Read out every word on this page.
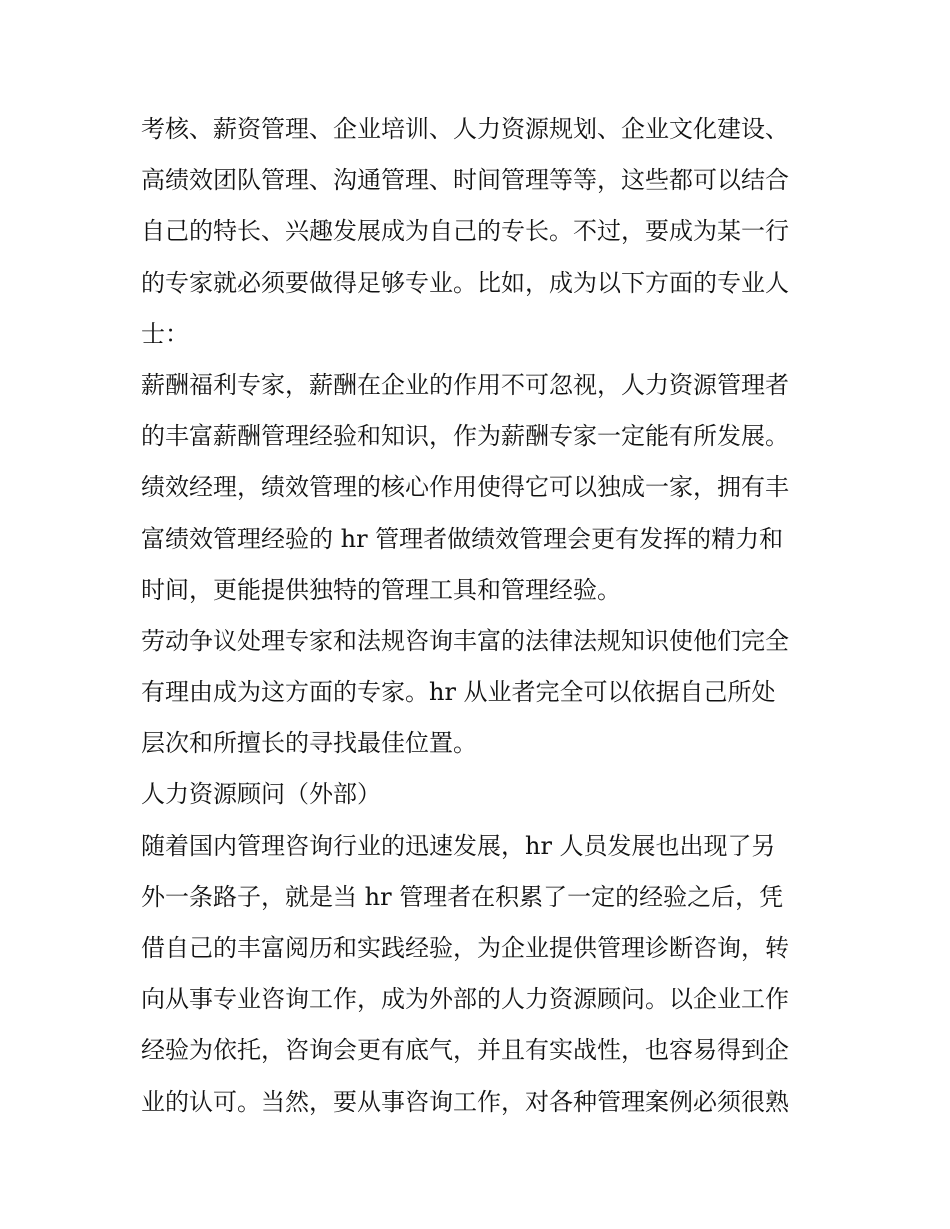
考核、薪资管理、企业培训、人力资源规划、企业文化建设、
高绩效团队管理、沟通管理、时间管理等等，这些都可以结合
自己的特长、兴趣发展成为自己的专长。不过，要成为某一行
的专家就必须要做得足够专业。比如，成为以下方面的专业人
士：
薪酬福利专家，薪酬在企业的作用不可忽视，人力资源管理者
的丰富薪酬管理经验和知识，作为薪酬专家一定能有所发展。
绩效经理，绩效管理的核心作用使得它可以独成一家，拥有丰
富绩效管理经验的 hr 管理者做绩效管理会更有发挥的精力和
时间，更能提供独特的管理工具和管理经验。
劳动争议处理专家和法规咨询丰富的法律法规知识使他们完全
有理由成为这方面的专家。hr 从业者完全可以依据自己所处
层次和所擅长的寻找最佳位置。
人力资源顾问（外部）
随着国内管理咨询行业的迅速发展，hr 人员发展也出现了另
外一条路子，就是当 hr 管理者在积累了一定的经验之后，凭
借自己的丰富阅历和实践经验，为企业提供管理诊断咨询，转
向从事专业咨询工作，成为外部的人力资源顾问。以企业工作
经验为依托，咨询会更有底气，并且有实战性，也容易得到企
业的认可。当然，要从事咨询工作，对各种管理案例必须很熟
